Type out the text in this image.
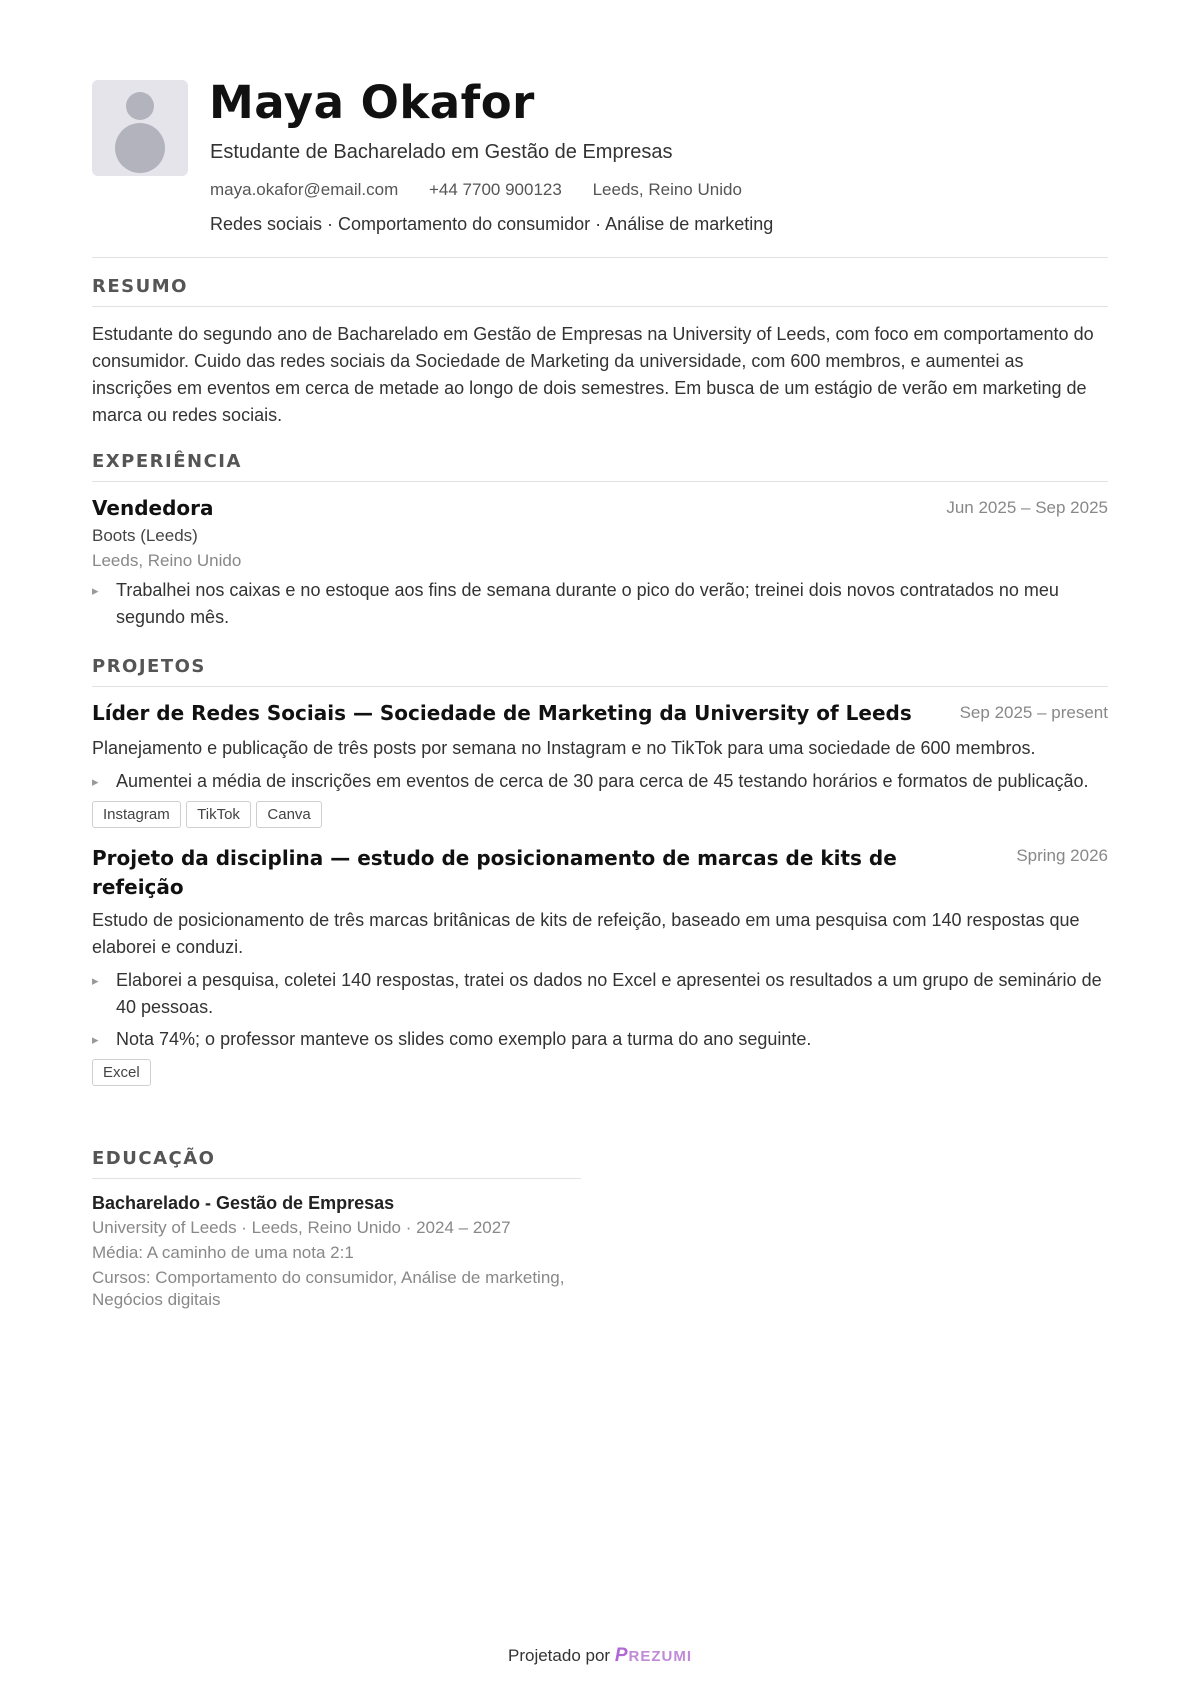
Maya Okafor
Estudante de Bacharelado em Gestão de Empresas
maya.okafor@email.com +44 7700 900123 Leeds, Reino Unido
Redes sociais · Comportamento do consumidor · Análise de marketing
RESUMO

Estudante do segundo ano de Bacharelado em Gestão de Empresas na University of Leeds, com foco em comportamento do consumidor. Cuido das redes sociais da Sociedade de Marketing da universidade, com 600 membros, e aumentei as inscrições em eventos em cerca de metade ao longo de dois semestres. Em busca de um estágio de verão em marketing de marca ou redes sociais.

EXPERIÊNCIA
Vendedora	Jun 2025 – Sep 2025
Boots (Leeds)
Leeds, Reino Unido
▸ Trabalhei nos caixas e no estoque aos fins de semana durante o pico do verão; treinei dois novos contratados no meu segundo mês.
PROJETOS
Líder de Redes Sociais — Sociedade de Marketing da University of Leeds	Sep 2025 – present

Planejamento e publicação de três posts por semana no Instagram e no TikTok para uma sociedade de 600 membros.

▸ Aumentei a média de inscrições em eventos de cerca de 30 para cerca de 45 testando horários e formatos de publicação.
Instagram TikTok Canva
Projeto da disciplina — estudo de posicionamento de marcas de kits de refeição
Spring 2026

Estudo de posicionamento de três marcas britânicas de kits de refeição, baseado em uma pesquisa com 140 respostas que elaborei e conduzi.

▸ Elaborei a pesquisa, coletei 140 respostas, tratei os dados no Excel e apresentei os resultados a um grupo de seminário de 40 pessoas.
▸ Nota 74%; o professor manteve os slides como exemplo para a turma do ano seguinte.
Excel
EDUCAÇÃO
Bacharelado - Gestão de Empresas
University of Leeds · Leeds, Reino Unido · 2024 – 2027
Média: A caminho de uma nota 2:1
Cursos: Comportamento do consumidor, Análise de marketing, Negócios digitais
Projetado por PREZUMI
